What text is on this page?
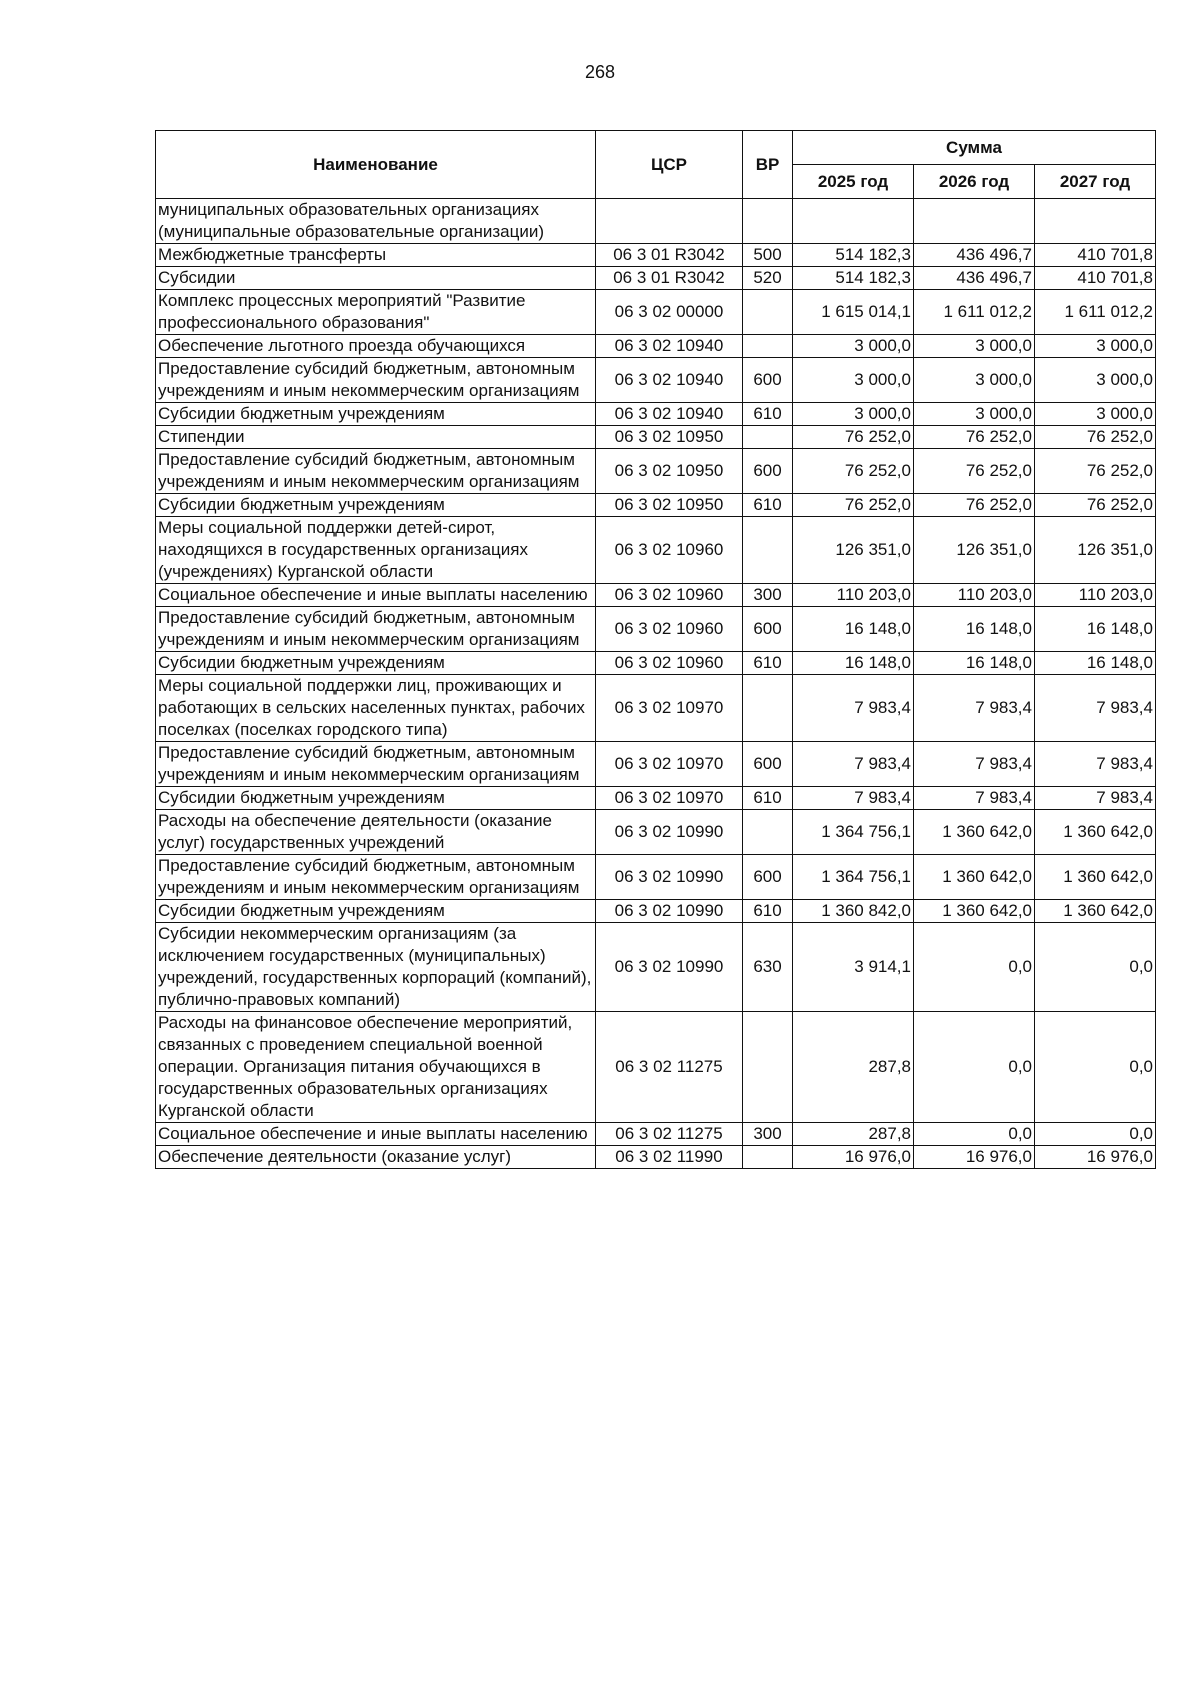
268
Наименование	ЦСР	ВР	Сумма		
			2025 год	2026 год	2027 год
муниципальных образовательных организациях (муниципальные образовательные организации)					
Межбюджетные трансферты	06 3 01 R3042	500	514 182,3	436 496,7	410 701,8
Субсидии	06 3 01 R3042	520	514 182,3	436 496,7	410 701,8
Комплекс процессных мероприятий "Развитие профессионального образования"	06 3 02 00000		1 615 014,1	1 611 012,2	1 611 012,2
Обеспечение льготного проезда обучающихся	06 3 02 10940		3 000,0	3 000,0	3 000,0
Предоставление субсидий бюджетным, автономным учреждениям и иным некоммерческим организациям	06 3 02 10940	600	3 000,0	3 000,0	3 000,0
Субсидии бюджетным учреждениям	06 3 02 10940	610	3 000,0	3 000,0	3 000,0
Стипендии	06 3 02 10950		76 252,0	76 252,0	76 252,0
Предоставление субсидий бюджетным, автономным учреждениям и иным некоммерческим организациям	06 3 02 10950	600	76 252,0	76 252,0	76 252,0
Субсидии бюджетным учреждениям	06 3 02 10950	610	76 252,0	76 252,0	76 252,0
Меры социальной поддержки детей-сирот, находящихся в государственных организациях (учреждениях) Курганской области	06 3 02 10960		126 351,0	126 351,0	126 351,0
Социальное обеспечение и иные выплаты населению	06 3 02 10960	300	110 203,0	110 203,0	110 203,0
Предоставление субсидий бюджетным, автономным учреждениям и иным некоммерческим организациям	06 3 02 10960	600	16 148,0	16 148,0	16 148,0
Субсидии бюджетным учреждениям	06 3 02 10960	610	16 148,0	16 148,0	16 148,0
Меры социальной поддержки лиц, проживающих и работающих в сельских населенных пунктах, рабочих поселках (поселках городского типа)	06 3 02 10970		7 983,4	7 983,4	7 983,4
Предоставление субсидий бюджетным, автономным учреждениям и иным некоммерческим организациям	06 3 02 10970	600	7 983,4	7 983,4	7 983,4
Субсидии бюджетным учреждениям	06 3 02 10970	610	7 983,4	7 983,4	7 983,4
Расходы на обеспечение деятельности (оказание услуг) государственных учреждений	06 3 02 10990		1 364 756,1	1 360 642,0	1 360 642,0
Предоставление субсидий бюджетным, автономным учреждениям и иным некоммерческим организациям	06 3 02 10990	600	1 364 756,1	1 360 642,0	1 360 642,0
Субсидии бюджетным учреждениям	06 3 02 10990	610	1 360 842,0	1 360 642,0	1 360 642,0
Субсидии некоммерческим организациям (за исключением государственных (муниципальных) учреждений, государственных корпораций (компаний), публично-правовых компаний)	06 3 02 10990	630	3 914,1	0,0	0,0
Расходы на финансовое обеспечение мероприятий, связанных с проведением специальной военной операции. Организация питания обучающихся в государственных образовательных организациях Курганской области	06 3 02 11275		287,8	0,0	0,0
Социальное обеспечение и иные выплаты населению	06 3 02 11275	300	287,8	0,0	0,0
Обеспечение деятельности (оказание услуг)	06 3 02 11990		16 976,0	16 976,0	16 976,0
